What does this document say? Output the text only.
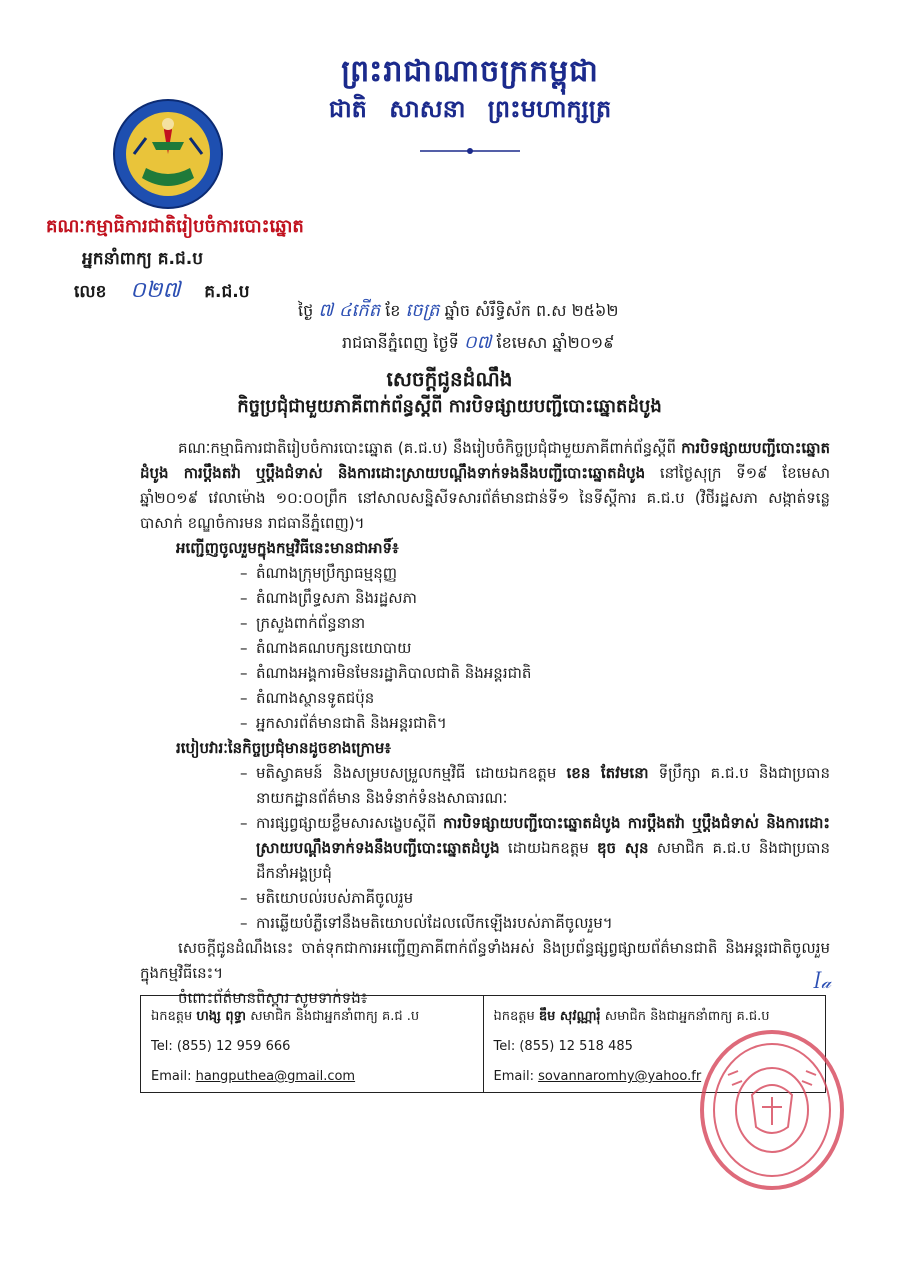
ព្រះរាជាណាចក្រកម្ពុជា
ជាតិ សាសនា ព្រះមហាក្សត្រ
គណៈកម្មាធិការជាតិរៀបចំការបោះឆ្នោត
អ្នកនាំពាក្យ គ.ជ.ប
លេខ ០២៧ គ.ជ.ប
ថ្ងៃ ៧ ៤កើត ខែ ចេត្រ ឆ្នាំច សំរឹទ្ធិស័ក ព.ស ២៥៦២
រាជធានីភ្នំពេញ ថ្ងៃទី ០៧ ខែមេសា ឆ្នាំ២០១៩
សេចក្ដីជូនដំណឹង
កិច្ចប្រជុំជាមួយភាគីពាក់ព័ន្ធស្ដីពី ការបិទផ្សាយបញ្ជីបោះឆ្នោតដំបូង

គណៈកម្មាធិការជាតិរៀបចំការបោះឆ្នោត (គ.ជ.ប) នឹងរៀបចំកិច្ចប្រជុំជាមួយភាគីពាក់ព័ន្ធស្ដីពី ការបិទផ្សាយបញ្ជីបោះឆ្នោតដំបូង ការប្ដឹងតវ៉ា ឬប្ដឹងជំទាស់ និងការដោះស្រាយបណ្ដឹងទាក់ទងនឹងបញ្ជីបោះឆ្នោតដំបូង នៅថ្ងៃសុក្រ ទី១៩ ខែមេសា ឆ្នាំ២០១៩ វេលាម៉ោង ១០:០០ព្រឹក នៅសាលសន្និសីទសារព័ត៌មានជាន់ទី១ នៃទីស្ដីការ គ.ជ.ប (វិថីរដ្ឋសភា សង្កាត់ទន្លេបាសាក់ ខណ្ឌចំការមន រាជធានីភ្នំពេញ)។

អញ្ជើញចូលរួមក្នុងកម្មវិធីនេះមានជាអាទិ៍៖

– តំណាងក្រុមប្រឹក្សាធម្មនុញ្ញ
– តំណាងព្រឹទ្ធសភា និងរដ្ឋសភា
– ក្រសួងពាក់ព័ន្ធនានា
– តំណាងគណបក្សនយោបាយ
– តំណាងអង្គការមិនមែនរដ្ឋាភិបាលជាតិ និងអន្តរជាតិ
– តំណាងស្ថានទូតជប៉ុន
– អ្នកសារព័ត៌មានជាតិ និងអន្តរជាតិ។

របៀបវារៈនៃកិច្ចប្រជុំមានដូចខាងក្រោម៖

– មតិស្វាគមន៍ និងសម្របសម្រួលកម្មវិធី ដោយឯកឧត្ដម ខេន តែវមនោ ទីប្រឹក្សា គ.ជ.ប និងជាប្រធាននាយកដ្ឋានព័ត៌មាន និងទំនាក់ទំនងសាធារណៈ
– ការផ្សព្វផ្សាយខ្លឹមសារសង្ខេបស្ដីពី ការបិទផ្សាយបញ្ជីបោះឆ្នោតដំបូង ការប្ដឹងតវ៉ា ឬប្ដឹងជំទាស់ និងការដោះស្រាយបណ្ដឹងទាក់ទងនឹងបញ្ជីបោះឆ្នោតដំបូង ដោយឯកឧត្ដម ឌុច សុន សមាជិក គ.ជ.ប និងជាប្រធានដឹកនាំអង្គប្រជុំ
– មតិយោបល់របស់ភាគីចូលរួម
– ការឆ្លើយបំភ្លឺទៅនឹងមតិយោបល់ដែលលើកឡើងរបស់ភាគីចូលរួម។

សេចក្ដីជូនដំណឹងនេះ ចាត់ទុកជាការអញ្ជើញភាគីពាក់ព័ន្ធទាំងអស់ និងប្រព័ន្ធផ្សព្វផ្សាយព័ត៌មានជាតិ និងអន្តរជាតិចូលរួមក្នុងកម្មវិធីនេះ។

ចំពោះព័ត៌មានពិស្ដារ សូមទាក់ទង៖

ឯកឧត្ដម ហង្ស ពុទ្ធា សមាជិក និងជាអ្នកនាំពាក្យ គ.ជ .ប
Tel: (855) 12 959 666
Email: hangputhea@gmail.com
ឯកឧត្ដម ឌឹម សុវណ្ណារុំ សមាជិក និងជាអ្នកនាំពាក្យ គ.ជ.ប
Tel: (855) 12 518 485
Email: sovannaromhy@yahoo.fr
ꟾ𝒶
